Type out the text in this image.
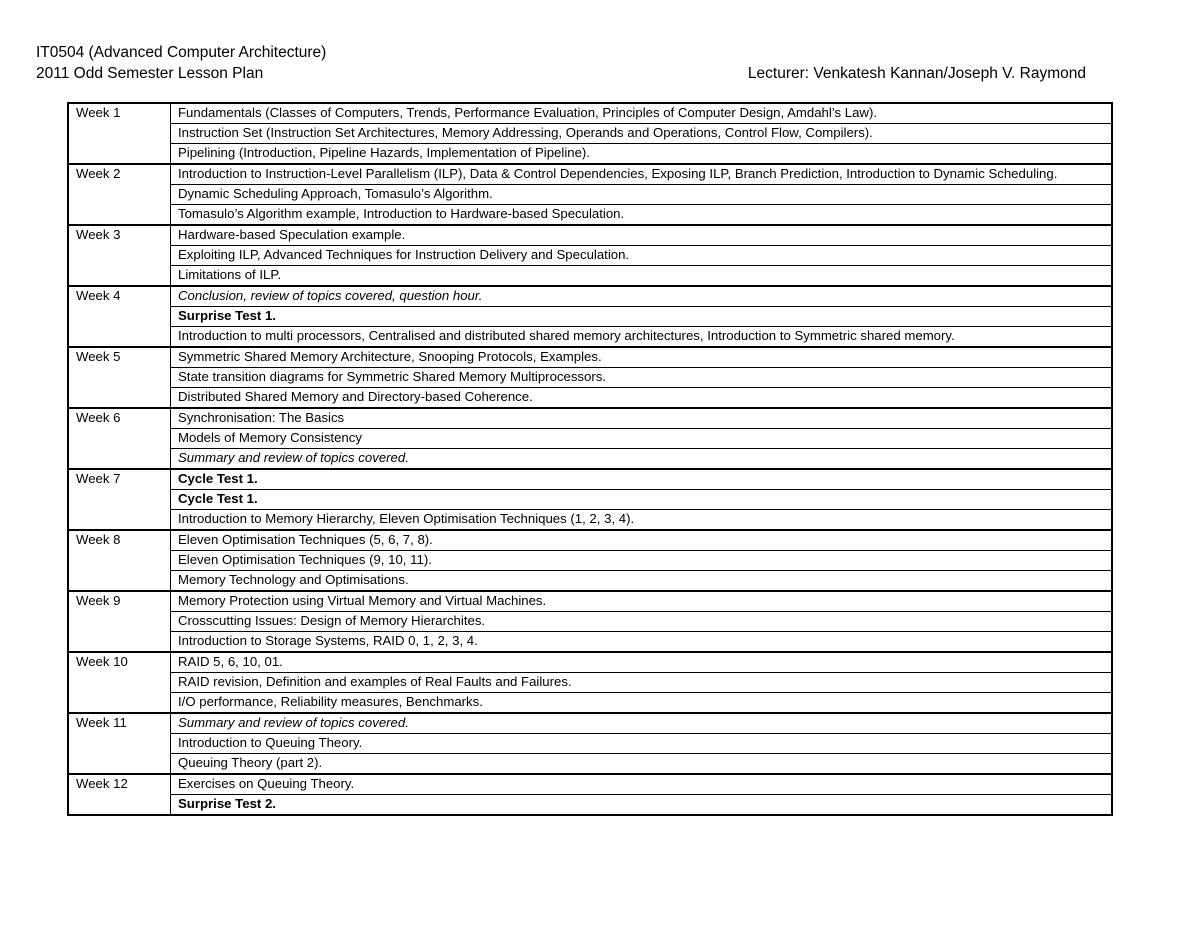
IT0504 (Advanced Computer Architecture)
2011 Odd Semester Lesson Plan	Lecturer: Venkatesh Kannan/Joseph V. Raymond
Week 1	Fundamentals (Classes of Computers, Trends, Performance Evaluation, Principles of Computer Design, Amdahl’s Law).
	Instruction Set (Instruction Set Architectures, Memory Addressing, Operands and Operations, Control Flow, Compilers).
	Pipelining (Introduction, Pipeline Hazards, Implementation of Pipeline).
Week 2	Introduction to Instruction-Level Parallelism (ILP), Data & Control Dependencies, Exposing ILP, Branch Prediction, Introduction to Dynamic Scheduling.
	Dynamic Scheduling Approach, Tomasulo’s Algorithm.
	Tomasulo’s Algorithm example, Introduction to Hardware-based Speculation.
Week 3	Hardware-based Speculation example.
	Exploiting ILP, Advanced Techniques for Instruction Delivery and Speculation.
	Limitations of ILP.
Week 4	Conclusion, review of topics covered, question hour.
	Surprise Test 1.
	Introduction to multi processors, Centralised and distributed shared memory architectures, Introduction to Symmetric shared memory.
Week 5	Symmetric Shared Memory Architecture, Snooping Protocols, Examples.
	State transition diagrams for Symmetric Shared Memory Multiprocessors.
	Distributed Shared Memory and Directory-based Coherence.
Week 6	Synchronisation: The Basics
	Models of Memory Consistency
	Summary and review of topics covered.
Week 7	Cycle Test 1.
	Cycle Test 1.
	Introduction to Memory Hierarchy, Eleven Optimisation Techniques (1, 2, 3, 4).
Week 8	Eleven Optimisation Techniques (5, 6, 7, 8).
	Eleven Optimisation Techniques (9, 10, 11).
	Memory Technology and Optimisations.
Week 9	Memory Protection using Virtual Memory and Virtual Machines.
	Crosscutting Issues: Design of Memory Hierarchites.
	Introduction to Storage Systems, RAID 0, 1, 2, 3, 4.
Week 10	RAID 5, 6, 10, 01.
	RAID revision, Definition and examples of Real Faults and Failures.
	I/O performance, Reliability measures, Benchmarks.
Week 11	Summary and review of topics covered.
	Introduction to Queuing Theory.
	Queuing Theory (part 2).
Week 12	Exercises on Queuing Theory.
	Surprise Test 2.
